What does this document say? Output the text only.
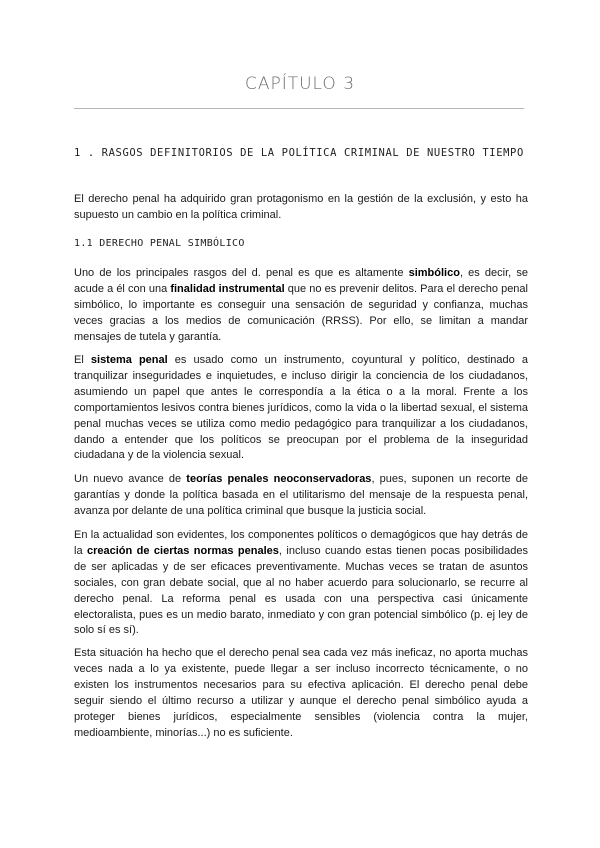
CAPÍTULO 3
1 . RASGOS DEFINITORIOS DE LA POLÍTICA CRIMINAL DE NUESTRO TIEMPO

El derecho penal ha adquirido gran protagonismo en la gestión de la exclusión, y esto ha supuesto un cambio en la política criminal.

1.1 DERECHO PENAL SIMBÓLICO

Uno de los principales rasgos del d. penal es que es altamente simbólico, es decir, se acude a él con una finalidad instrumental que no es prevenir delitos. Para el derecho penal simbólico, lo importante es conseguir una sensación de seguridad y confianza, muchas veces gracias a los medios de comunicación (RRSS). Por ello, se limitan a mandar mensajes de tutela y garantía.

El sistema penal es usado como un instrumento, coyuntural y político, destinado a tranquilizar inseguridades e inquietudes, e incluso dirigir la conciencia de los ciudadanos, asumiendo un papel que antes le correspondía a la ética o a la moral. Frente a los comportamientos lesivos contra bienes jurídicos, como la vida o la libertad sexual, el sistema penal muchas veces se utiliza como medio pedagógico para tranquilizar a los ciudadanos, dando a entender que los políticos se preocupan por el problema de la inseguridad ciudadana y de la violencia sexual.

Un nuevo avance de teorías penales neoconservadoras, pues, suponen un recorte de garantías y donde la política basada en el utilitarismo del mensaje de la respuesta penal, avanza por delante de una política criminal que busque la justicia social.

En la actualidad son evidentes, los componentes políticos o demagógicos que hay detrás de la creación de ciertas normas penales, incluso cuando estas tienen pocas posibilidades de ser aplicadas y de ser eficaces preventivamente. Muchas veces se tratan de asuntos sociales, con gran debate social, que al no haber acuerdo para solucionarlo, se recurre al derecho penal. La reforma penal es usada con una perspectiva casi únicamente electoralista, pues es un medio barato, inmediato y con gran potencial simbólico (p. ej ley de solo sí es sí).

Esta situación ha hecho que el derecho penal sea cada vez más ineficaz, no aporta muchas veces nada a lo ya existente, puede llegar a ser incluso incorrecto técnicamente, o no existen los instrumentos necesarios para su efectiva aplicación. El derecho penal debe seguir siendo el último recurso a utilizar y aunque el derecho penal simbólico ayuda a proteger bienes jurídicos, especialmente sensibles (violencia contra la mujer, medioambiente, minorías...) no es suficiente.
